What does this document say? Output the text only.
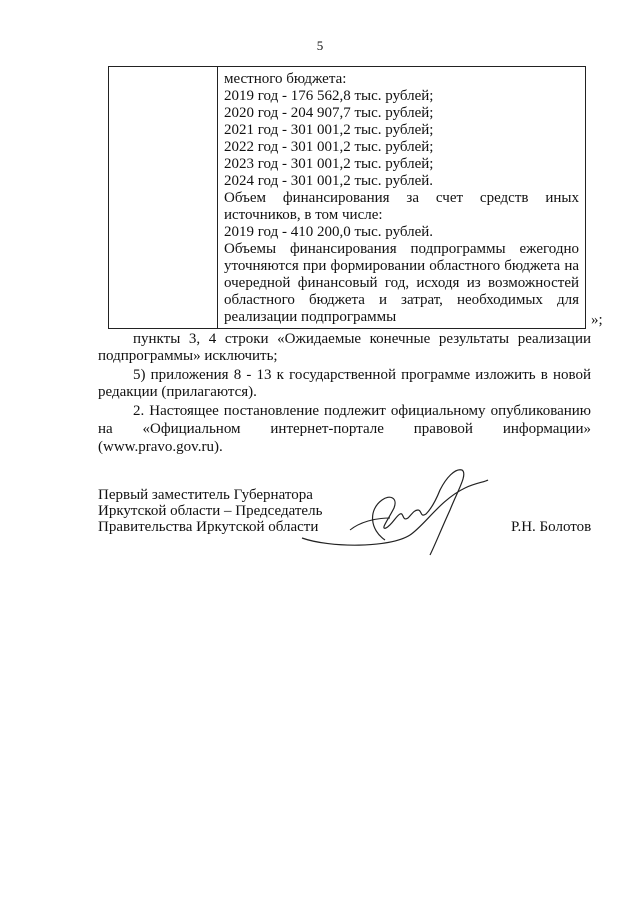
5

местного бюджета:
2019 год - 176 562,8 тыс. рублей;
2020 год - 204 907,7 тыс. рублей;
2021 год - 301 001,2 тыс. рублей;
2022 год - 301 001,2 тыс. рублей;
2023 год - 301 001,2 тыс. рублей;
2024 год - 301 001,2 тыс. рублей.
Объем финансирования за счет средств иных
источников, в том числе:
2019 год - 410 200,0 тыс. рублей.
Объемы финансирования подпрограммы ежегодно
уточняются при формировании областного бюджета на
очередной финансовый год, исходя из возможностей
областного бюджета и затрат, необходимых для
реализации подпрограммы	»;
пункты 3, 4 строки «Ожидаемые конечные результаты реализации
подпрограммы» исключить;
5) приложения 8 - 13 к государственной программе изложить в новой
редакции (прилагаются).
2. Настоящее постановление подлежит официальному опубликованию
на «Официальном интернет-портале правовой информации»
(www.pravo.gov.ru).
Первый заместитель Губернатора
Иркутской области – Председатель
Правительства Иркутской области	Р.Н. Болотов
